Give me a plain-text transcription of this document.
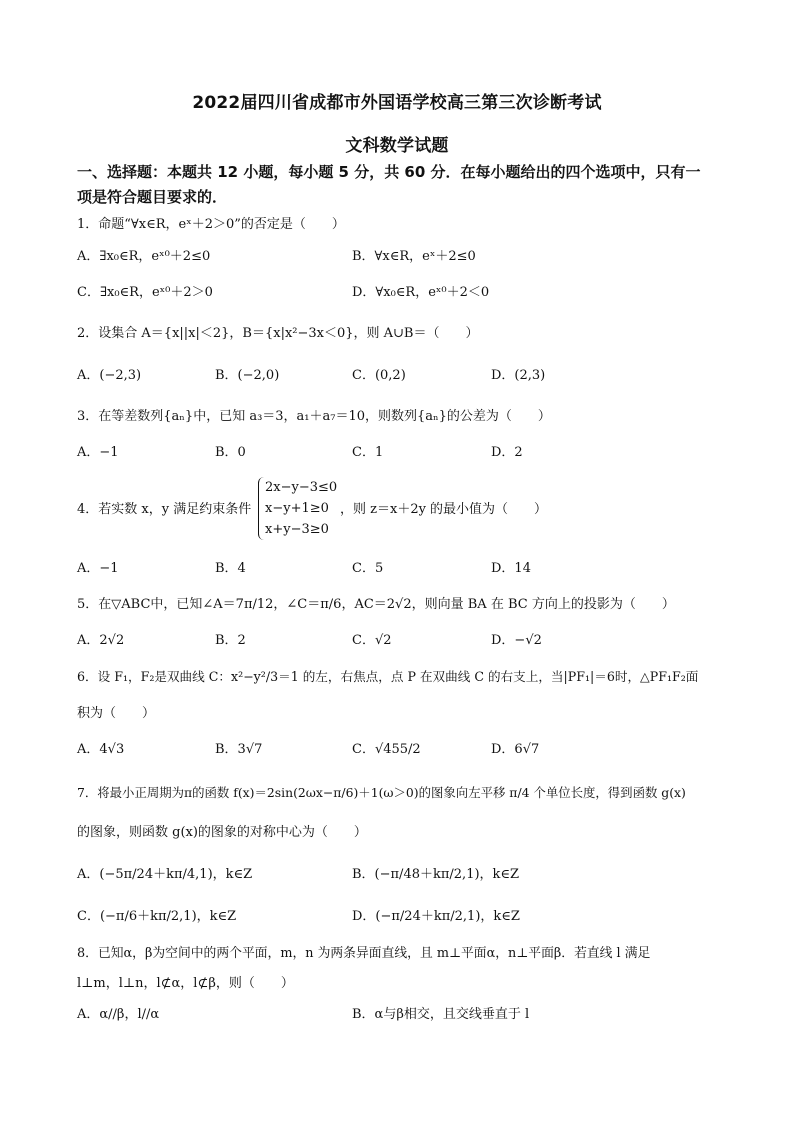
2022届四川省成都市外国语学校高三第三次诊断考试
文科数学试题
一、选择题：本题共 12 小题，每小题 5 分，共 60 分．在每小题给出的四个选项中，只有一
项是符合题目要求的．
1．命题“∀x∈R，eˣ＋2＞0”的否定是（　　）
A．∃x₀∈R，eˣ⁰＋2≤0	B．∀x∈R，eˣ＋2≤0
C．∃x₀∈R，eˣ⁰＋2＞0	D．∀x₀∈R，eˣ⁰＋2＜0
2．设集合 A＝{x||x|＜2}，B＝{x|x²−3x＜0}，则 A∪B＝（　　）
A．(−2,3)	B．(−2,0)	C．(0,2)	D．(2,3)
3．在等差数列{aₙ}中，已知 a₃＝3，a₁＋a₇＝10，则数列{aₙ}的公差为（　　）
A．−1	B．0	C．1	D．2
4．若实数 x，y 满足约束条件
2x−y−3≤0
x−y+1≥0
x+y−3≥0
，则 z＝x＋2y 的最小值为（　　）
A．−1	B．4	C．5	D．14
5．在▽ABC中，已知∠A＝7π/12，∠C＝π/6，AC＝2√2，则向量 BA 在 BC 方向上的投影为（　　）
A．2√2	B．2	C．√2	D．−√2
6．设 F₁，F₂是双曲线 C：x²−y²/3＝1 的左，右焦点，点 P 在双曲线 C 的右支上，当|PF₁|＝6时，△PF₁F₂面
积为（　　）
A．4√3	B．3√7	C．√455/2	D．6√7
7．将最小正周期为π的函数 f(x)＝2sin(2ωx−π/6)＋1(ω＞0)的图象向左平移 π/4 个单位长度，得到函数 g(x)
的图象，则函数 g(x)的图象的对称中心为（　　）
A．(−5π/24＋kπ/4,1)，k∈Z	B．(−π/48＋kπ/2,1)，k∈Z
C．(−π/6＋kπ/2,1)，k∈Z	D．(−π/24＋kπ/2,1)，k∈Z
8．已知α，β为空间中的两个平面，m，n 为两条异面直线，且 m⊥平面α，n⊥平面β．若直线 l 满足
l⊥m，l⊥n，l⊄α，l⊄β，则（　　）
A．α//β，l//α	B．α与β相交，且交线垂直于 l
